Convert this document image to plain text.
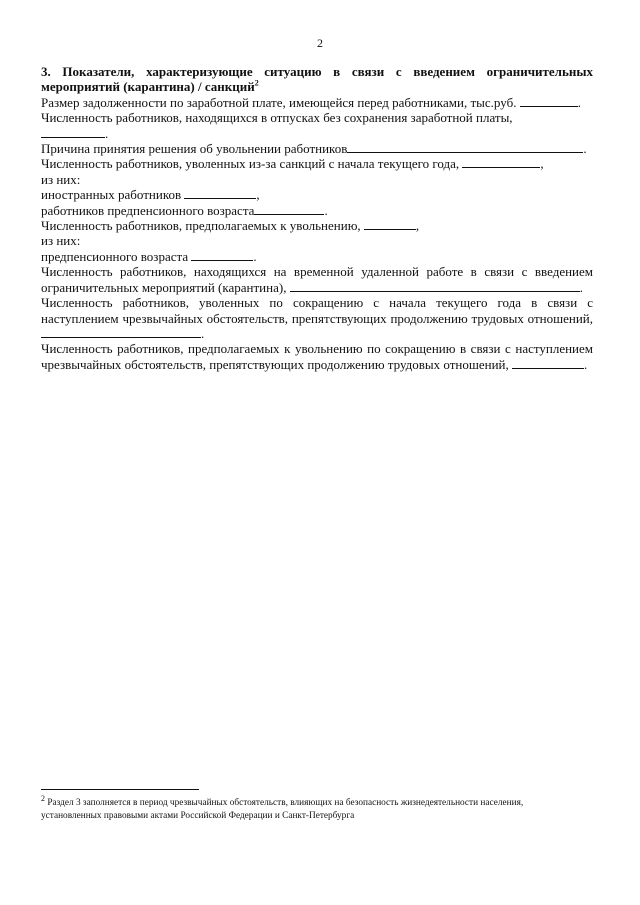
2

3. Показатели, характеризующие ситуацию в связи с введением ограничительных мероприятий (карантина) / санкций$^2$

Размер задолженности по заработной плате, имеющейся перед работниками, тыс.руб.	.

Численность работников, находящихся в отпусках без сохранения заработной платы,
.

Причина принятия решения об увольнении работников	.

Численность работников, уволенных из-за санкций с начала текущего года,	,

из них:

иностранных работников	,

работников предпенсионного возраста	.

Численность работников, предполагаемых к увольнению,	,

из них:

предпенсионного возраста	.

Численность работников, находящихся на временной удаленной работе в связи с введением ограничительных мероприятий (карантина),	.

Численность работников, уволенных по сокращению с начала текущего года в связи с наступлением чрезвычайных обстоятельств, препятствующих продолжению трудовых отношений, .

Численность работников, предполагаемых к увольнению по сокращению в связи с наступлением чрезвычайных обстоятельств, препятствующих продолжению трудовых отношений,	.

$^2$ Раздел 3 заполняется в период чрезвычайных обстоятельств, влияющих на безопасность жизнедеятельности населения, установленных правовыми актами Российской Федерации и Санкт-Петербурга
